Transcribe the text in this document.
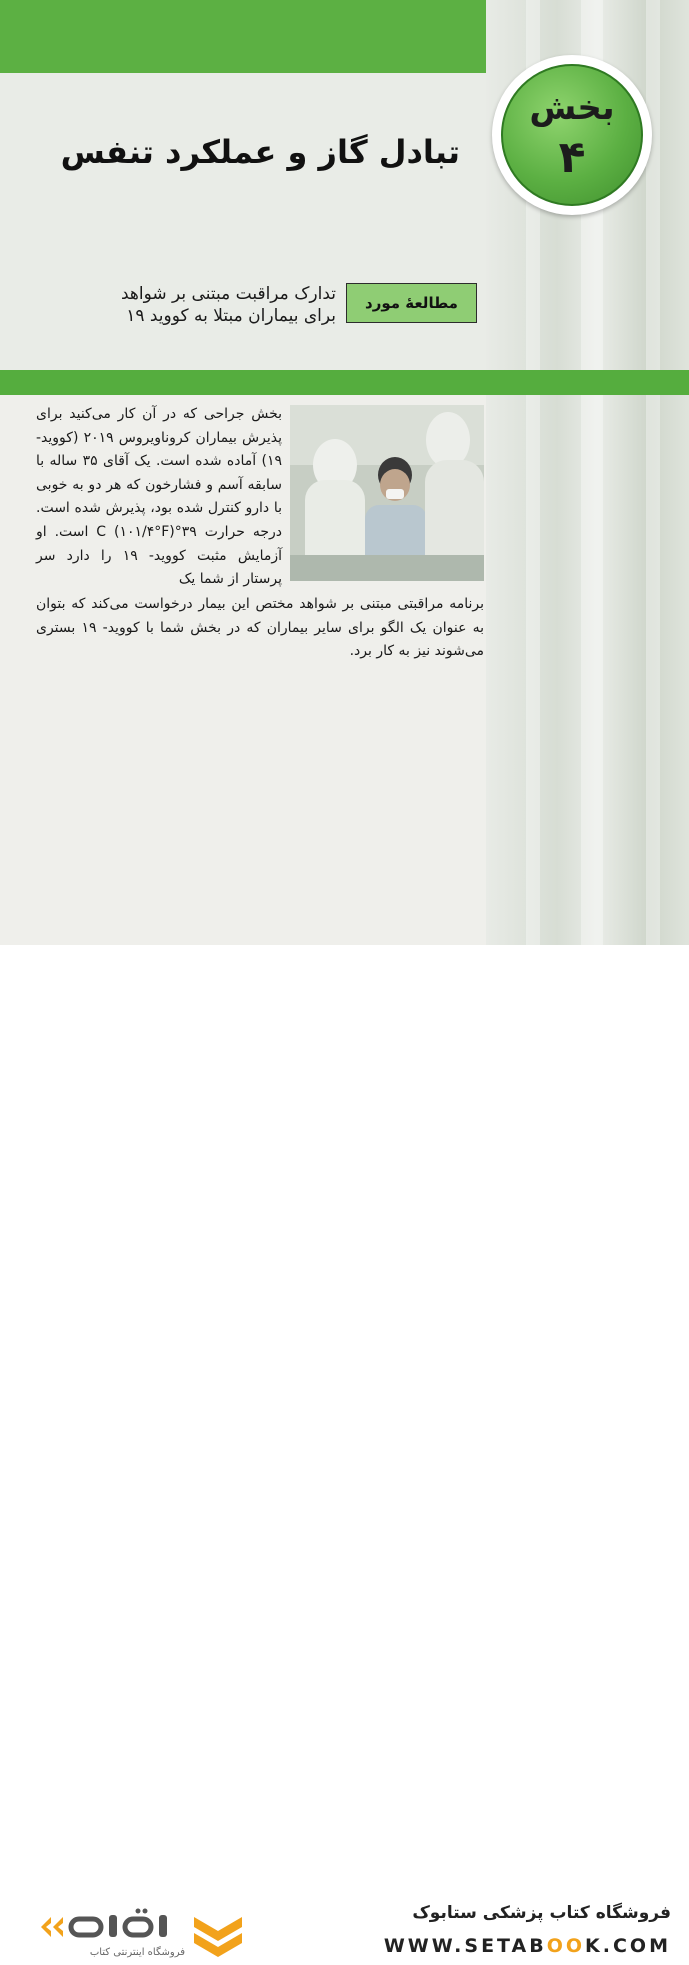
بخش
۴
تبادل گاز و عملکرد تنفس
مطالعهٔ مورد
تدارک مراقبت مبتنی بر شواهد
برای بیماران مبتلا به کووید ۱۹
بخش جراحی که در آن کار می‌کنید برای پذیرش بیماران کروناویروس ۲۰۱۹ (کووید- ۱۹) آماده شده است. یک آقای ۳۵ ساله با سابقه آسم و فشارخون که هر دو به خوبی با دارو کنترل شده بود، پذیرش شده است. درجه حرارت ۳۹°C (۱۰۱/۴°F) است. او آزمایش مثبت کووید- ۱۹ را دارد سر پرستار از شما یک
برنامه مراقبتی مبتنی بر شواهد مختص این بیمار درخواست می‌کند که بتوان به عنوان یک الگو برای سایر بیماران که در بخش شما با کووید- ۱۹ بستری می‌شوند نیز به کار برد.
فروشگاه اینترنتی کتاب
فروشگاه کتاب پزشکی ستابوک
WWW.SETABOOK.COM
